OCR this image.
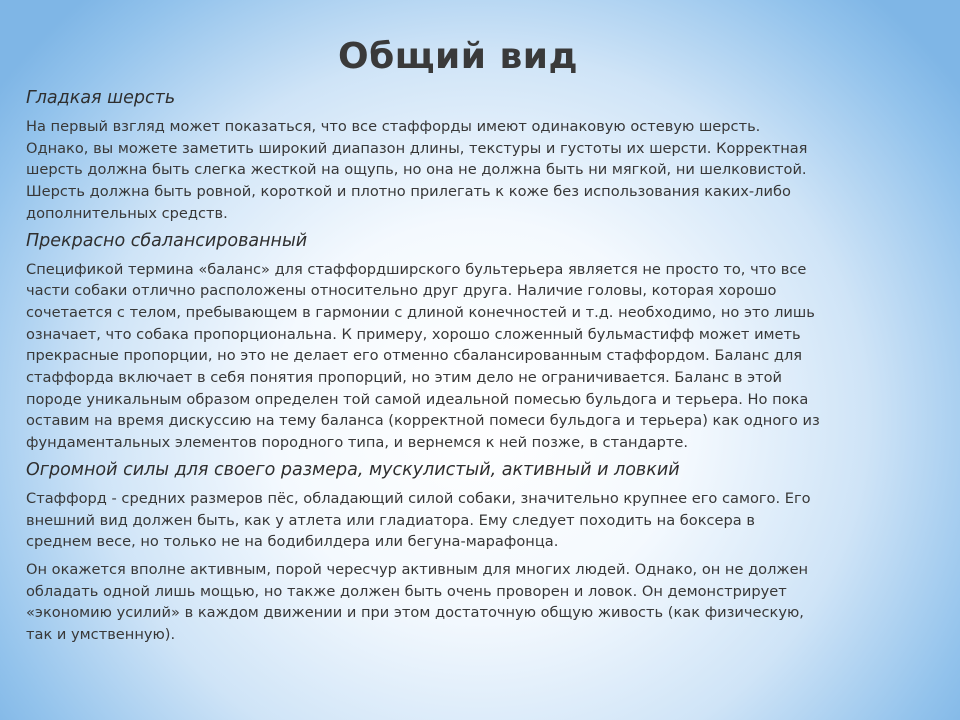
Общий вид
Гладкая шерсть
На первый взгляд может показаться, что все стаффорды имеют одинаковую остевую шерсть.
Однако, вы можете заметить широкий диапазон длины, текстуры и густоты их шерсти. Корректная
шерсть должна быть слегка жесткой на ощупь, но она не должна быть ни мягкой, ни шелковистой.
Шерсть должна быть ровной, короткой и плотно прилегать к коже без использования каких-либо
дополнительных средств.
Прекрасно сбалансированный
Спецификой термина «баланс» для стаффордширского бультерьера является не просто то, что все
части собаки отлично расположены относительно друг друга. Наличие головы, которая хорошо
сочетается с телом, пребывающем в гармонии с длиной конечностей и т.д. необходимо, но это лишь
означает, что собака пропорциональна. К примеру, хорошо сложенный бульмастифф может иметь
прекрасные пропорции, но это не делает его отменно сбалансированным стаффордом. Баланс для
стаффорда включает в себя понятия пропорций, но этим дело не ограничивается. Баланс в этой
породе уникальным образом определен той самой идеальной помесью бульдога и терьера. Но пока
оставим на время дискуссию на тему баланса (корректной помеси бульдога и терьера) как одного из
фундаментальных элементов породного типа, и вернемся к ней позже, в стандарте.
Огромной силы для своего размера, мускулистый, активный и ловкий
Стаффорд - средних размеров пёс, обладающий силой собаки, значительно крупнее его самого. Его
внешний вид должен быть, как у атлета или гладиатора. Ему следует походить на боксера в
среднем весе, но только не на бодибилдера или бегуна-марафонца.
Он окажется вполне активным, порой чересчур активным для многих людей. Однако, он не должен
обладать одной лишь мощью, но также должен быть очень проворен и ловок. Он демонстрирует
«экономию усилий» в каждом движении и при этом достаточную общую живость (как физическую,
так и умственную).
